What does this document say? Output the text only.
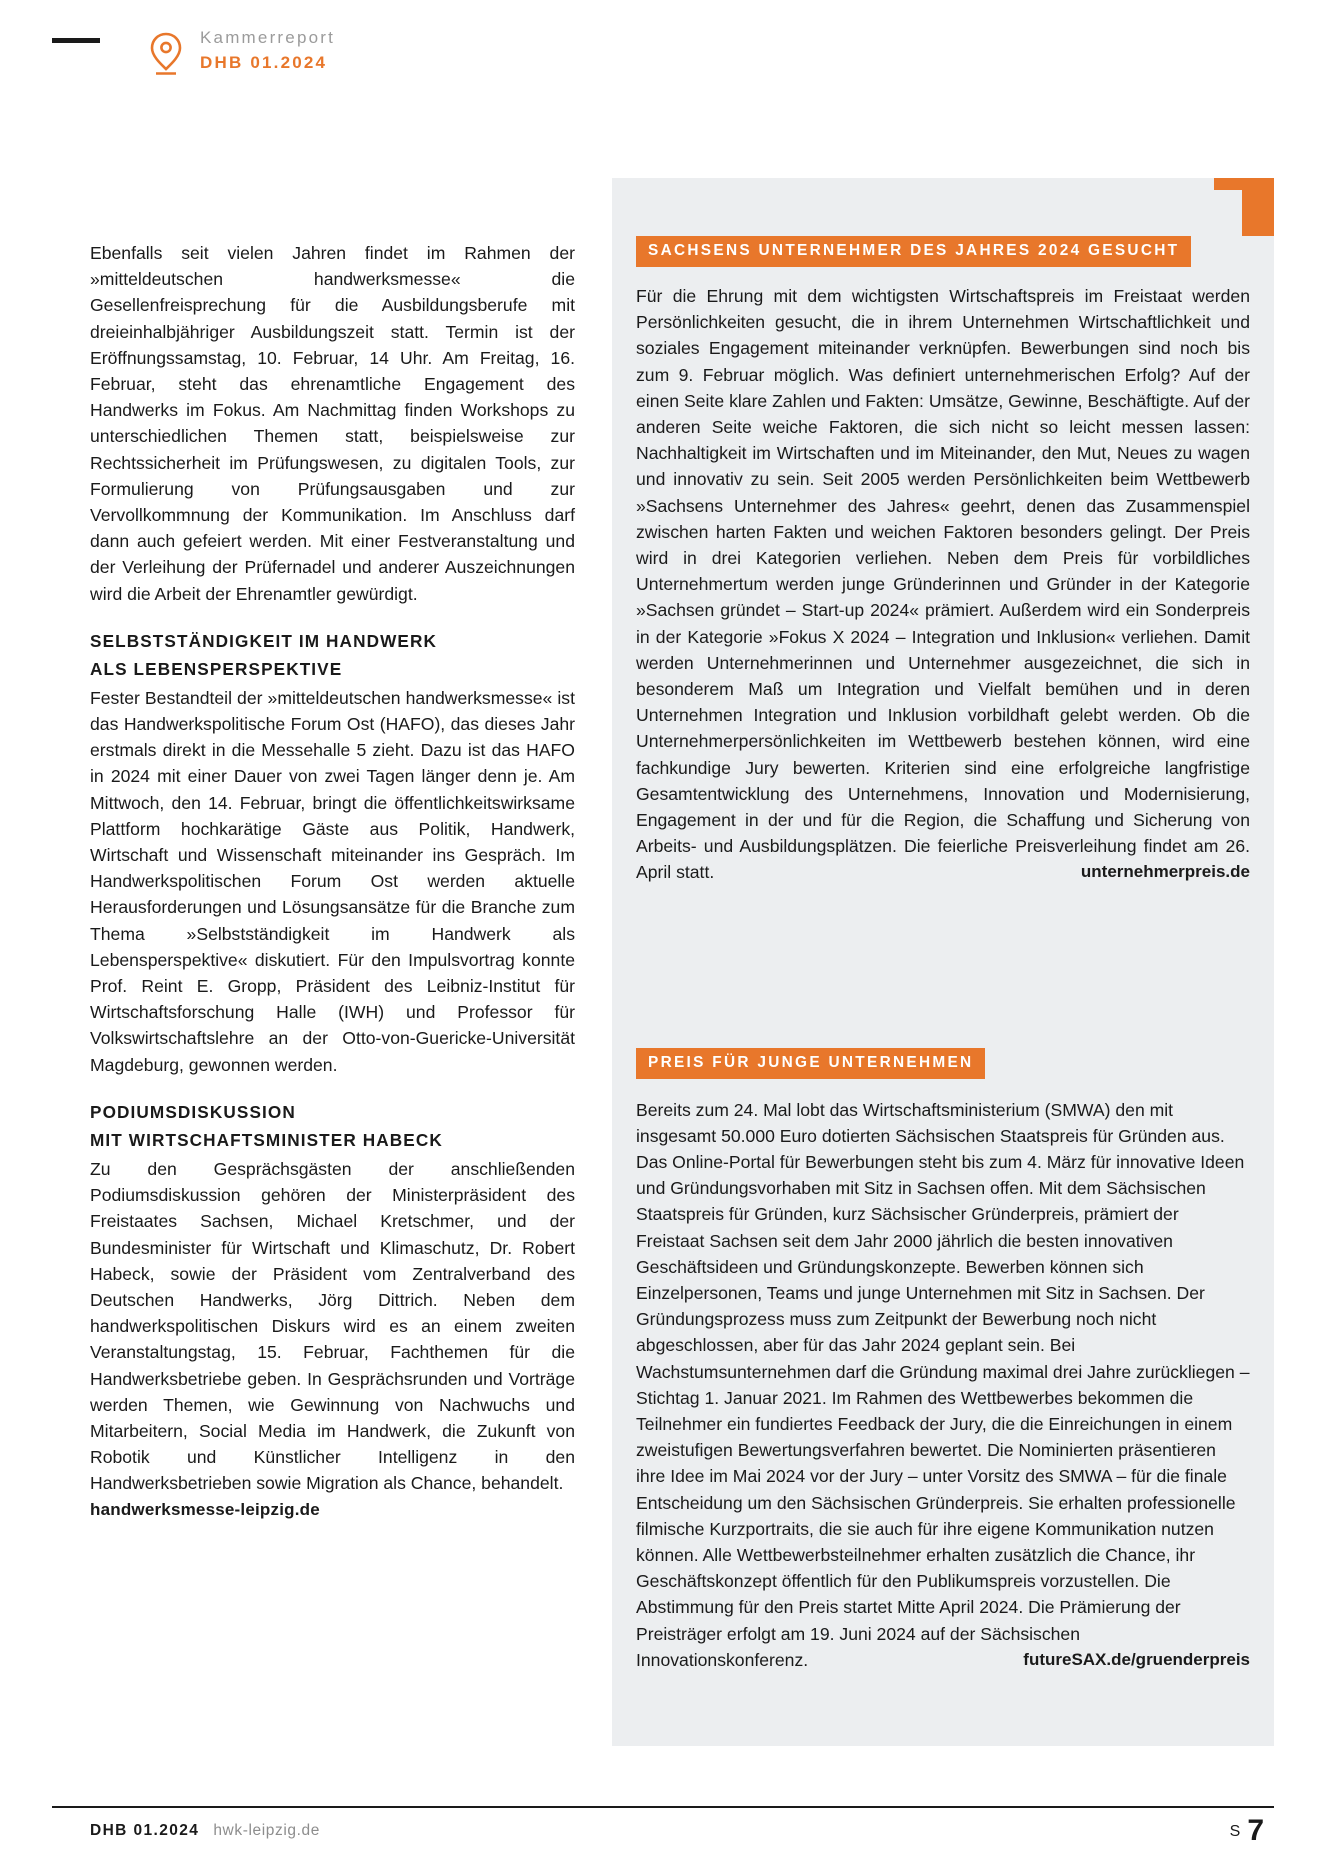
Kammerreport
DHB 01.2024

Ebenfalls seit vielen Jahren findet im Rahmen der »mitteldeutschen handwerksmesse« die Gesellenfreisprechung für die Ausbildungsberufe mit dreieinhalbjähriger Ausbildungszeit statt. Termin ist der Eröffnungssamstag, 10. Februar, 14 Uhr. Am Freitag, 16. Februar, steht das ehrenamtliche Engagement des Handwerks im Fokus. Am Nachmittag finden Workshops zu unterschiedlichen Themen statt, beispielsweise zur Rechtssicherheit im Prüfungswesen, zu digitalen Tools, zur Formulierung von Prüfungsausgaben und zur Vervollkommnung der Kommunikation. Im Anschluss darf dann auch gefeiert werden. Mit einer Festveranstaltung und der Verleihung der Prüfernadel und anderer Auszeichnungen wird die Arbeit der Ehrenamtler gewürdigt.

SELBSTSTÄNDIGKEIT IM HANDWERK
ALS LEBENSPERSPEKTIVE

Fester Bestandteil der »mitteldeutschen handwerksmesse« ist das Handwerkspolitische Forum Ost (HAFO), das dieses Jahr erstmals direkt in die Messehalle 5 zieht. Dazu ist das HAFO in 2024 mit einer Dauer von zwei Tagen länger denn je. Am Mittwoch, den 14. Februar, bringt die öffentlichkeitswirksame Plattform hochkarätige Gäste aus Politik, Handwerk, Wirtschaft und Wissenschaft miteinander ins Gespräch. Im Handwerkspolitischen Forum Ost werden aktuelle Herausforderungen und Lösungsansätze für die Branche zum Thema »Selbstständigkeit im Handwerk als Lebensperspektive« diskutiert. Für den Impulsvortrag konnte Prof. Reint E. Gropp, Präsident des Leibniz-Institut für Wirtschaftsforschung Halle (IWH) und Professor für Volkswirtschaftslehre an der Otto-von-Guericke-Universität Magdeburg, gewonnen werden.

PODIUMSDISKUSSION
MIT WIRTSCHAFTSMINISTER HABECK

Zu den Gesprächsgästen der anschließenden Podiumsdiskussion gehören der Ministerpräsident des Freistaates Sachsen, Michael Kretschmer, und der Bundesminister für Wirtschaft und Klimaschutz, Dr. Robert Habeck, sowie der Präsident vom Zentralverband des Deutschen Handwerks, Jörg Dittrich. Neben dem handwerkspolitischen Diskurs wird es an einem zweiten Veranstaltungstag, 15. Februar, Fachthemen für die Handwerksbetriebe geben. In Gesprächsrunden und Vorträge werden Themen, wie Gewinnung von Nachwuchs und Mitarbeitern, Social Media im Handwerk, die Zukunft von Robotik und Künstlicher Intelligenz in den Handwerksbetrieben sowie Migration als Chance, behandelt.

handwerksmesse-leipzig.de
SACHSENS UNTERNEHMER DES JAHRES 2024 GESUCHT

Für die Ehrung mit dem wichtigsten Wirtschaftspreis im Freistaat werden Persönlichkeiten gesucht, die in ihrem Unternehmen Wirtschaftlichkeit und soziales Engagement miteinander verknüpfen. Bewerbungen sind noch bis zum 9. Februar möglich. Was definiert unternehmerischen Erfolg? Auf der einen Seite klare Zahlen und Fakten: Umsätze, Gewinne, Beschäftigte. Auf der anderen Seite weiche Faktoren, die sich nicht so leicht messen lassen: Nachhaltigkeit im Wirtschaften und im Miteinander, den Mut, Neues zu wagen und innovativ zu sein. Seit 2005 werden Persönlichkeiten beim Wettbewerb »Sachsens Unternehmer des Jahres« geehrt, denen das Zusammenspiel zwischen harten Fakten und weichen Faktoren besonders gelingt. Der Preis wird in drei Kategorien verliehen. Neben dem Preis für vorbildliches Unternehmertum werden junge Gründerinnen und Gründer in der Kategorie »Sachsen gründet – Start-up 2024« prämiert. Außerdem wird ein Sonderpreis in der Kategorie »Fokus X 2024 – Integration und Inklusion« verliehen. Damit werden Unternehmerinnen und Unternehmer ausgezeichnet, die sich in besonderem Maß um Integration und Vielfalt bemühen und in deren Unternehmen Integration und Inklusion vorbildhaft gelebt werden. Ob die Unternehmerpersönlichkeiten im Wettbewerb bestehen können, wird eine fachkundige Jury bewerten. Kriterien sind eine erfolgreiche langfristige Gesamtentwicklung des Unternehmens, Innovation und Modernisierung, Engagement in der und für die Region, die Schaffung und Sicherung von Arbeits- und Ausbildungsplätzen. Die feierliche Preisverleihung findet am 26. April statt.	unternehmerpreis.de

PREIS FÜR JUNGE UNTERNEHMEN

Bereits zum 24. Mal lobt das Wirtschaftsministerium (SMWA) den mit insgesamt 50.000 Euro dotierten Sächsischen Staatspreis für Gründen aus. Das Online-Portal für Bewerbungen steht bis zum 4. März für innovative Ideen und Gründungsvorhaben mit Sitz in Sachsen offen. Mit dem Sächsischen Staatspreis für Gründen, kurz Sächsischer Gründerpreis, prämiert der Freistaat Sachsen seit dem Jahr 2000 jährlich die besten innovativen Geschäftsideen und Gründungskonzepte. Bewerben können sich Einzelpersonen, Teams und junge Unternehmen mit Sitz in Sachsen. Der Gründungsprozess muss zum Zeitpunkt der Bewerbung noch nicht abgeschlossen, aber für das Jahr 2024 geplant sein. Bei Wachstumsunternehmen darf die Gründung maximal drei Jahre zurückliegen – Stichtag 1. Januar 2021. Im Rahmen des Wettbewerbes bekommen die Teilnehmer ein fundiertes Feedback der Jury, die die Einreichungen in einem zweistufigen Bewertungsverfahren bewertet. Die Nominierten präsentieren ihre Idee im Mai 2024 vor der Jury – unter Vorsitz des SMWA – für die finale Entscheidung um den Sächsischen Gründerpreis. Sie erhalten professionelle filmische Kurzportraits, die sie auch für ihre eigene Kommunikation nutzen können. Alle Wettbewerbsteilnehmer erhalten zusätzlich die Chance, ihr Geschäftskonzept öffentlich für den Publikumspreis vorzustellen. Die Abstimmung für den Preis startet Mitte April 2024. Die Prämierung der Preisträger erfolgt am 19. Juni 2024 auf der Sächsischen Innovationskonferenz.	futureSAX.de/gruenderpreis

DHB 01.2024 hwk-leipzig.de	S 7
